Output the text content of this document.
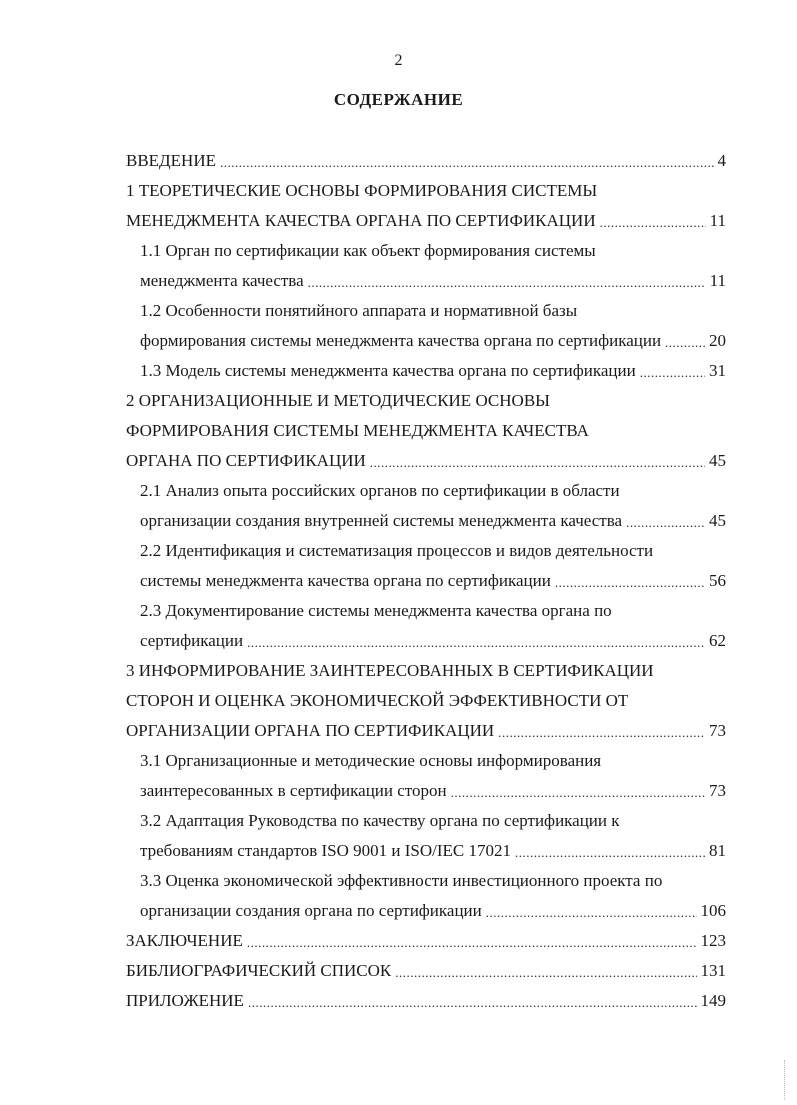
2
СОДЕРЖАНИЕ
ВВЕДЕНИЕ .....	4
1 ТЕОРЕТИЧЕСКИЕ ОСНОВЫ ФОРМИРОВАНИЯ СИСТЕМЫ
МЕНЕДЖМЕНТА КАЧЕСТВА ОРГАНА ПО СЕРТИФИКАЦИИ .....	11
1.1 Орган по сертификации как объект формирования системы
менеджмента качества .....	11
1.2 Особенности понятийного аппарата и нормативной базы
формирования системы менеджмента качества органа по сертификации .....	20
1.3 Модель системы менеджмента качества органа по сертификации .....	31
2 ОРГАНИЗАЦИОННЫЕ И МЕТОДИЧЕСКИЕ ОСНОВЫ
ФОРМИРОВАНИЯ СИСТЕМЫ МЕНЕДЖМЕНТА КАЧЕСТВА
ОРГАНА ПО СЕРТИФИКАЦИИ .....	45
2.1 Анализ опыта российских органов по сертификации в области
организации создания внутренней системы менеджмента качества .....	45
2.2 Идентификация и систематизация процессов и видов деятельности
системы менеджмента качества органа по сертификации .....	56
2.3 Документирование системы менеджмента качества органа по
сертификации .....	62
3 ИНФОРМИРОВАНИЕ ЗАИНТЕРЕСОВАННЫХ В СЕРТИФИКАЦИИ
СТОРОН И ОЦЕНКА ЭКОНОМИЧЕСКОЙ ЭФФЕКТИВНОСТИ ОТ
ОРГАНИЗАЦИИ ОРГАНА ПО СЕРТИФИКАЦИИ .....	73
3.1 Организационные и методические основы информирования
заинтересованных в сертификации сторон .....	73
3.2 Адаптация Руководства по качеству органа по сертификации к
требованиям стандартов ISO 9001 и ISO/IEC 17021 .....	81
3.3 Оценка экономической эффективности инвестиционного проекта по
организации создания органа по сертификации .....	106
ЗАКЛЮЧЕНИЕ .....	123
БИБЛИОГРАФИЧЕСКИЙ СПИСОК .....	131
ПРИЛОЖЕНИЕ .....	149
